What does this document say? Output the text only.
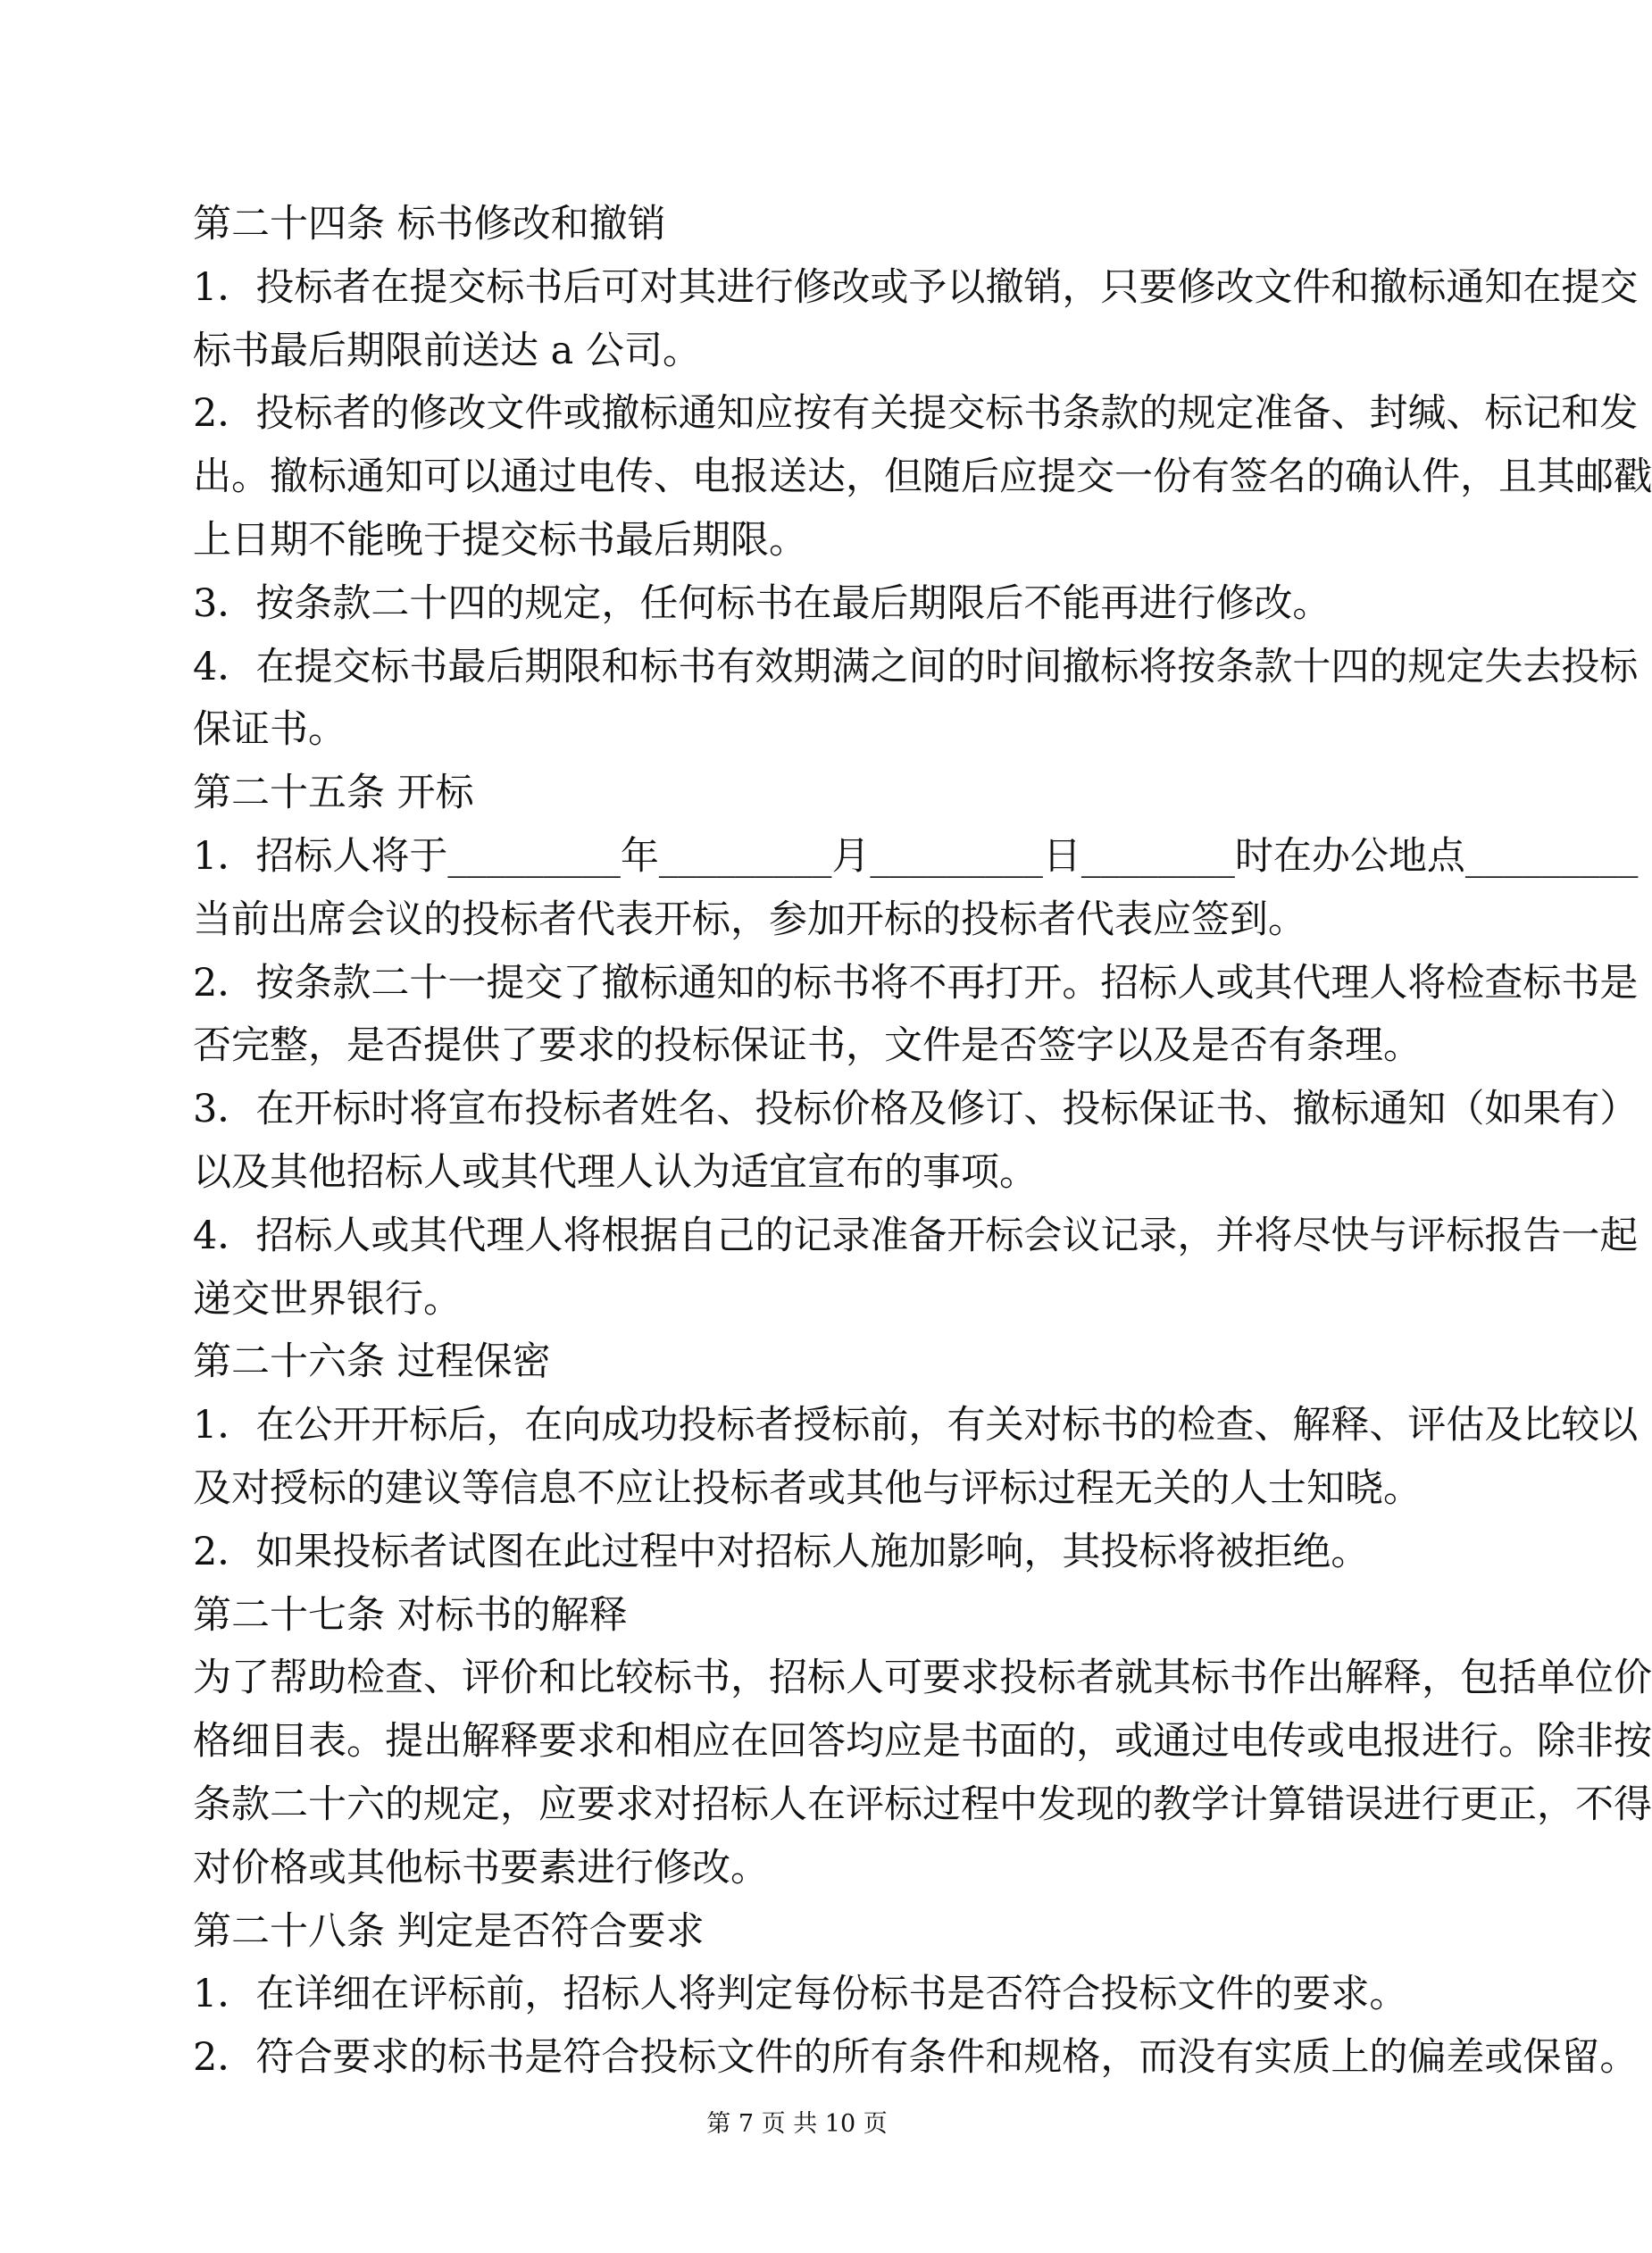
第二十四条 标书修改和撤销
1．投标者在提交标书后可对其进行修改或予以撤销，只要修改文件和撤标通知在提交
标书最后期限前送达 a 公司。
2．投标者的修改文件或撤标通知应按有关提交标书条款的规定准备、封缄、标记和发
出。撤标通知可以通过电传、电报送达，但随后应提交一份有签名的确认件，且其邮戳
上日期不能晚于提交标书最后期限。
3．按条款二十四的规定，任何标书在最后期限后不能再进行修改。
4．在提交标书最后期限和标书有效期满之间的时间撤标将按条款十四的规定失去投标
保证书。
第二十五条 开标
1．招标人将于_________年_________月_________日________时在办公地点_________
当前出席会议的投标者代表开标，参加开标的投标者代表应签到。
2．按条款二十一提交了撤标通知的标书将不再打开。招标人或其代理人将检查标书是
否完整，是否提供了要求的投标保证书，文件是否签字以及是否有条理。
3．在开标时将宣布投标者姓名、投标价格及修订、投标保证书、撤标通知（如果有）
以及其他招标人或其代理人认为适宜宣布的事项。
4．招标人或其代理人将根据自己的记录准备开标会议记录，并将尽快与评标报告一起
递交世界银行。
第二十六条 过程保密
1．在公开开标后，在向成功投标者授标前，有关对标书的检查、解释、评估及比较以
及对授标的建议等信息不应让投标者或其他与评标过程无关的人士知晓。
2．如果投标者试图在此过程中对招标人施加影响，其投标将被拒绝。
第二十七条 对标书的解释
为了帮助检查、评价和比较标书，招标人可要求投标者就其标书作出解释，包括单位价
格细目表。提出解释要求和相应在回答均应是书面的，或通过电传或电报进行。除非按
条款二十六的规定，应要求对招标人在评标过程中发现的教学计算错误进行更正，不得
对价格或其他标书要素进行修改。
第二十八条 判定是否符合要求
1．在详细在评标前，招标人将判定每份标书是否符合投标文件的要求。
2．符合要求的标书是符合投标文件的所有条件和规格，而没有实质上的偏差或保留。
第 7 页 共 10 页
